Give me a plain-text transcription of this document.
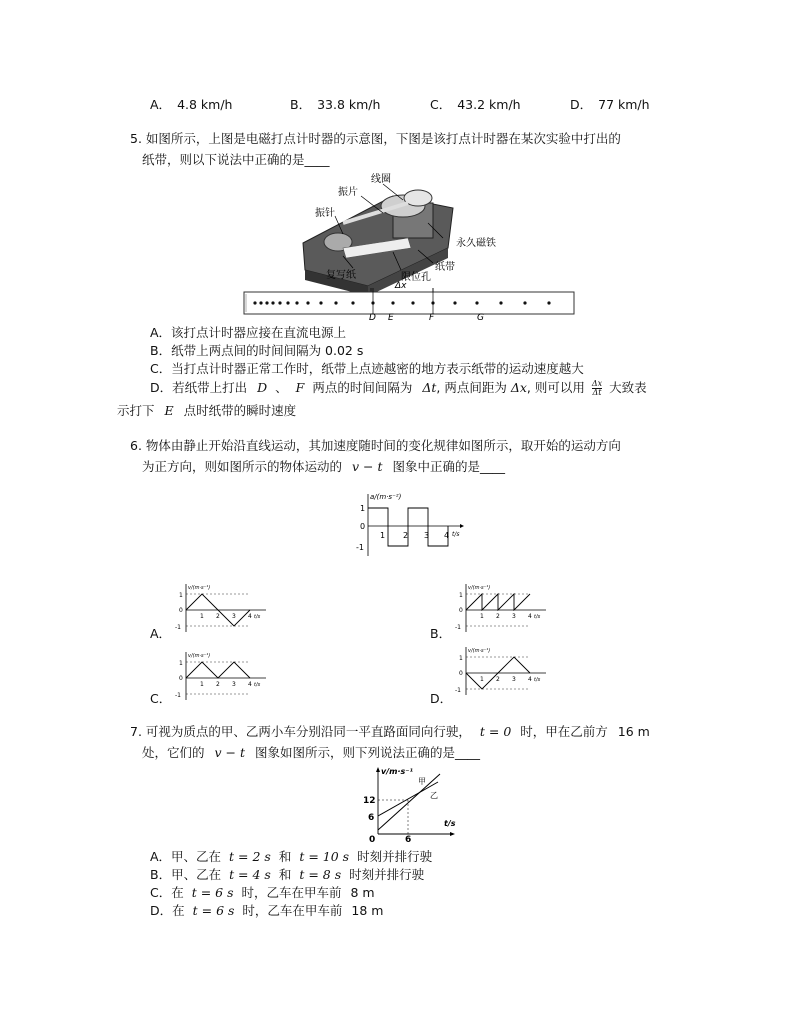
A． 4.8 km/h	B． 33.8 km/h	C． 43.2 km/h	D． 77 km/h
5. 如图所示，上图是电磁打点计时器的示意图，下图是该打点计时器在某次实验中打出的
纸带，则以下说法中正确的是____
线圈
振片
振针
永久磁铁
复写纸	限位孔
纸带
Δx
D E	F	G
A．该打点计时器应接在直流电源上
B．纸带上两点间的时间间隔为 0.02 s
C．当打点计时器正常工作时，纸带上点迹越密的地方表示纸带的运动速度越大
D．若纸带上打出 D 、 F 两点的时间间隔为 Δt, 两点间距为 Δx, 则可以用 $\frac{\Delta x}{\Delta t}$ 大致表
示打下 E 点时纸带的瞬时速度
6. 物体由静止开始沿直线运动，其加速度随时间的变化规律如图所示，取开始的运动方向
为正方向，则如图所示的物体运动的 v − t 图象中正确的是____
a/(m·s⁻²)
1
0
-1
1 2 3 4 t/s
v/(m·s⁻¹)
1
0
-1
1 2 3 4 t/s
v/(m·s⁻¹)
1
0
-1
1 2 3 4 t/s
v/(m·s⁻¹)
1
0
-1
1 2 3 4 t/s
v/(m·s⁻¹)
1
0
-1
1 2 3 4 t/s
A．	B．
C．	D．
7. 可视为质点的甲、乙两小车分别沿同一平直路面同向行驶， t = 0 时，甲在乙前方 16 m
处，它们的 v − t 图象如图所示，则下列说法正确的是____
v/m·s⁻¹
12
6
0	6
t/s
甲
乙
A．甲、乙在 t = 2 s 和 t = 10 s 时刻并排行驶
B．甲、乙在 t = 4 s 和 t = 8 s 时刻并排行驶
C．在 t = 6 s 时，乙车在甲车前 8 m
D．在 t = 6 s 时，乙车在甲车前 18 m
